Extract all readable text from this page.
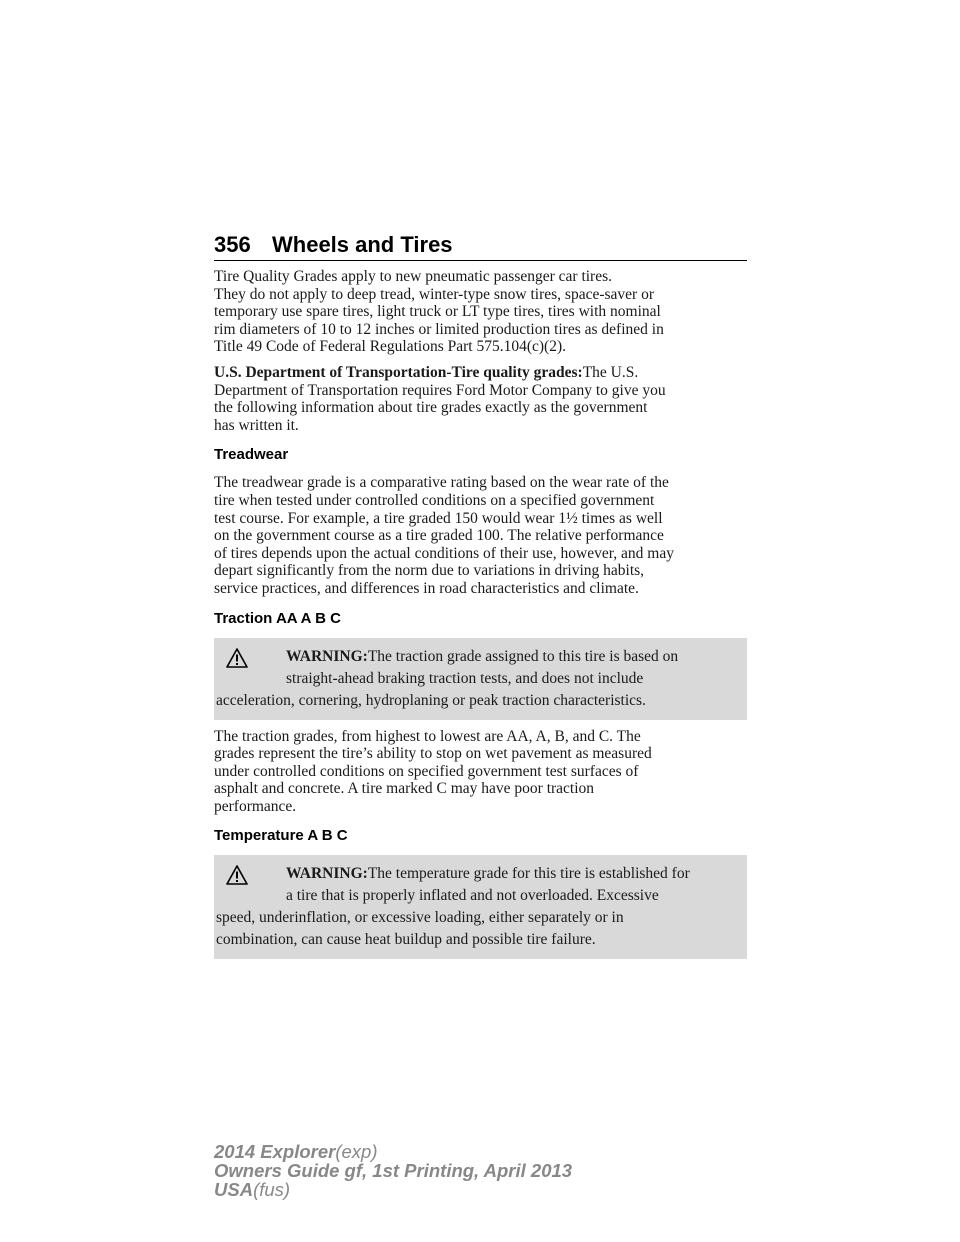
356 Wheels and Tires

Tire Quality Grades apply to new pneumatic passenger car tires.
They do not apply to deep tread, winter-type snow tires, space-saver or
temporary use spare tires, light truck or LT type tires, tires with nominal
rim diameters of 10 to 12 inches or limited production tires as defined in
Title 49 Code of Federal Regulations Part 575.104(c)(2).

U.S. Department of Transportation-Tire quality grades:The U.S.
Department of Transportation requires Ford Motor Company to give you
the following information about tire grades exactly as the government
has written it.

Treadwear

The treadwear grade is a comparative rating based on the wear rate of the
tire when tested under controlled conditions on a specified government
test course. For example, a tire graded 150 would wear 1½ times as well
on the government course as a tire graded 100. The relative performance
of tires depends upon the actual conditions of their use, however, and may
depart significantly from the norm due to variations in driving habits,
service practices, and differences in road characteristics and climate.

Traction AA A B C
WARNING:The traction grade assigned to this tire is based on
straight-ahead braking traction tests, and does not include
acceleration, cornering, hydroplaning or peak traction characteristics.

The traction grades, from highest to lowest are AA, A, B, and C. The
grades represent the tire’s ability to stop on wet pavement as measured
under controlled conditions on specified government test surfaces of
asphalt and concrete. A tire marked C may have poor traction
performance.

Temperature A B C
WARNING:The temperature grade for this tire is established for
a tire that is properly inflated and not overloaded. Excessive
speed, underinflation, or excessive loading, either separately or in
combination, can cause heat buildup and possible tire failure.
2014 Explorer(exp)
Owners Guide gf, 1st Printing, April 2013
USA(fus)
